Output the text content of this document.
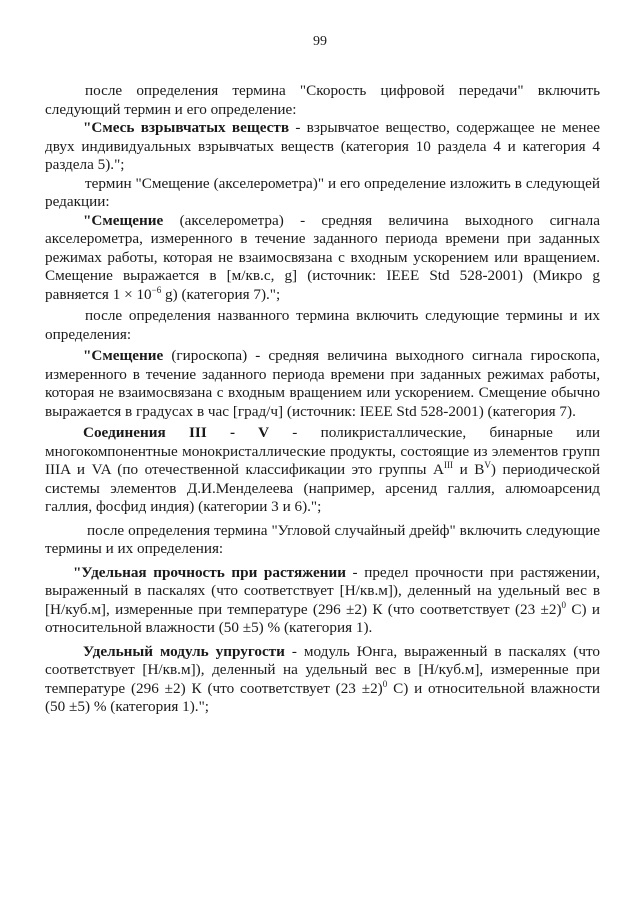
99

после определения термина "Скорость цифровой передачи" включить следующий термин и его определение:

"Смесь взрывчатых веществ - взрывчатое вещество, содержащее не менее двух индивидуальных взрывчатых веществ (категория 10 раздела 4 и категория 4 раздела 5).";

термин "Смещение (акселерометра)" и его определение изложить в следующей редакции:

"Смещение (акселерометра) - средняя величина выходного сигнала акселерометра, измеренного в течение заданного периода времени при заданных режимах работы, которая не взаимосвязана с входным ускорением или вращением. Смещение выражается в [м/кв.с, g] (источник: IEEE Std 528-2001) (Микро g равняется $1 \times 10^{-6}$ g) (категория 7).";

после определения названного термина включить следующие термины и их определения:

"Смещение (гироскопа) - средняя величина выходного сигнала гироскопа, измеренного в течение заданного периода времени при заданных режимах работы, которая не взаимосвязана с входным вращением или ускорением. Смещение обычно выражается в градусах в час [град/ч] (источник: IEEE Std 528-2001) (категория 7).

Соединения III - V - поликристаллические, бинарные или многокомпонентные монокристаллические продукты, состоящие из элементов групп IIIA и VA (по отечественной классификации это группы $A^{III}$ и $B^V$) периодической системы элементов Д.И.Менделеева (например, арсенид галлия, алюмоарсенид галлия, фосфид индия) (категории 3 и 6).";

после определения термина "Угловой случайный дрейф" включить следующие термины и их определения:

"Удельная прочность при растяжении - предел прочности при растяжении, выраженный в паскалях (что соответствует [Н/кв.м]), деленный на удельный вес в [Н/куб.м], измеренные при температуре (296 ±2) К (что соответствует $(23 \pm 2)^0$ С) и относительной влажности (50 ±5) % (категория 1).

Удельный модуль упругости - модуль Юнга, выраженный в паскалях (что соответствует [Н/кв.м]), деленный на удельный вес в [Н/куб.м], измеренные при температуре (296 ±2) К (что соответствует $(23 \pm 2)^0$ С) и относительной влажности (50 ±5) % (категория 1).";
